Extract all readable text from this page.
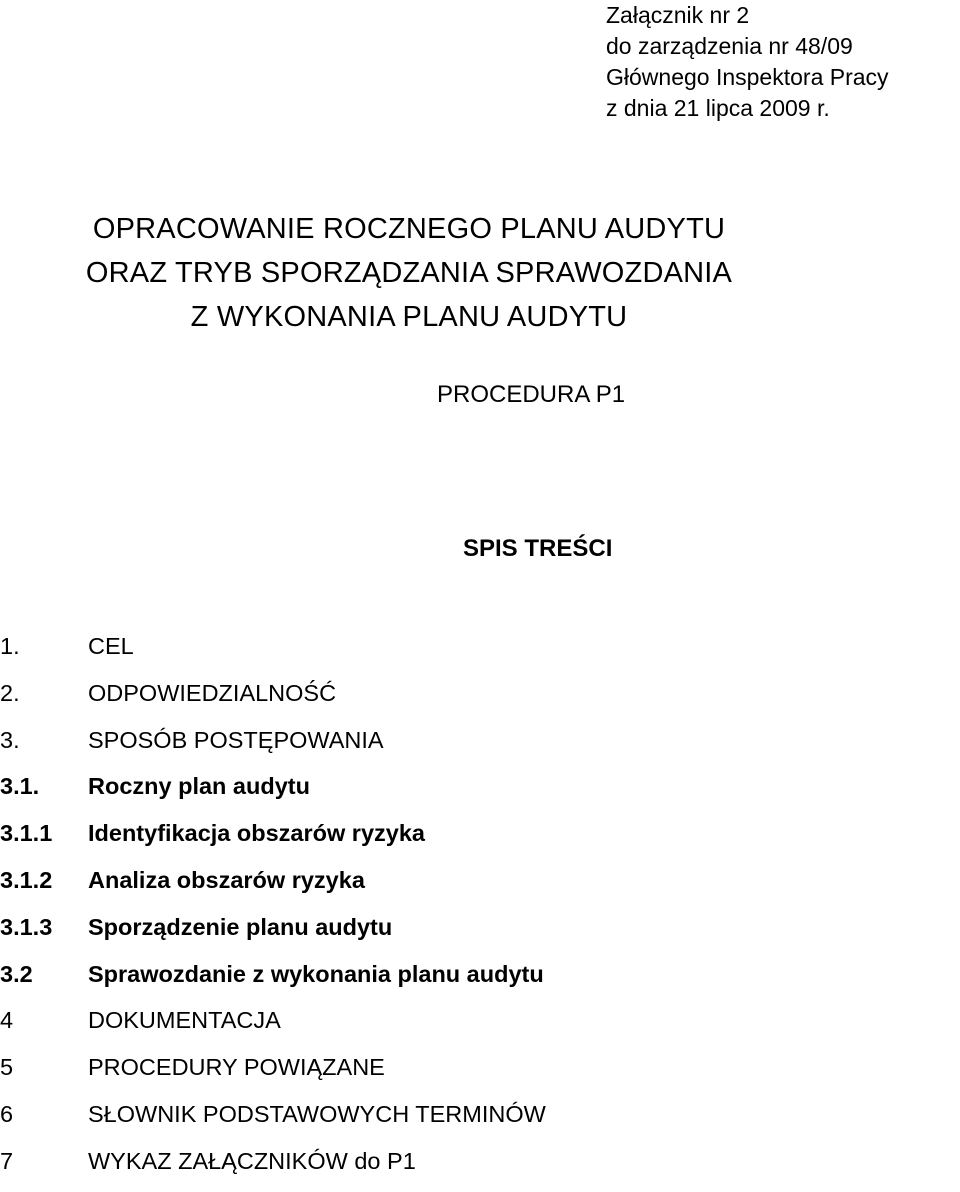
Załącznik nr 2
do zarządzenia nr 48/09
Głównego Inspektora Pracy
z dnia 21 lipca 2009 r.
OPRACOWANIE ROCZNEGO PLANU AUDYTU
ORAZ TRYB SPORZĄDZANIA SPRAWOZDANIA
Z WYKONANIA PLANU AUDYTU
PROCEDURA P1
SPIS TREŚCI
1.	CEL
2.	ODPOWIEDZIALNOŚĆ
3.	SPOSÓB POSTĘPOWANIA
3.1. Roczny plan audytu
3.1.1 Identyfikacja obszarów ryzyka
3.1.2 Analiza obszarów ryzyka
3.1.3 Sporządzenie planu audytu
3.2 Sprawozdanie z wykonania planu audytu
4	DOKUMENTACJA
5	PROCEDURY POWIĄZANE
6	SŁOWNIK PODSTAWOWYCH TERMINÓW
7	WYKAZ ZAŁĄCZNIKÓW do P1
